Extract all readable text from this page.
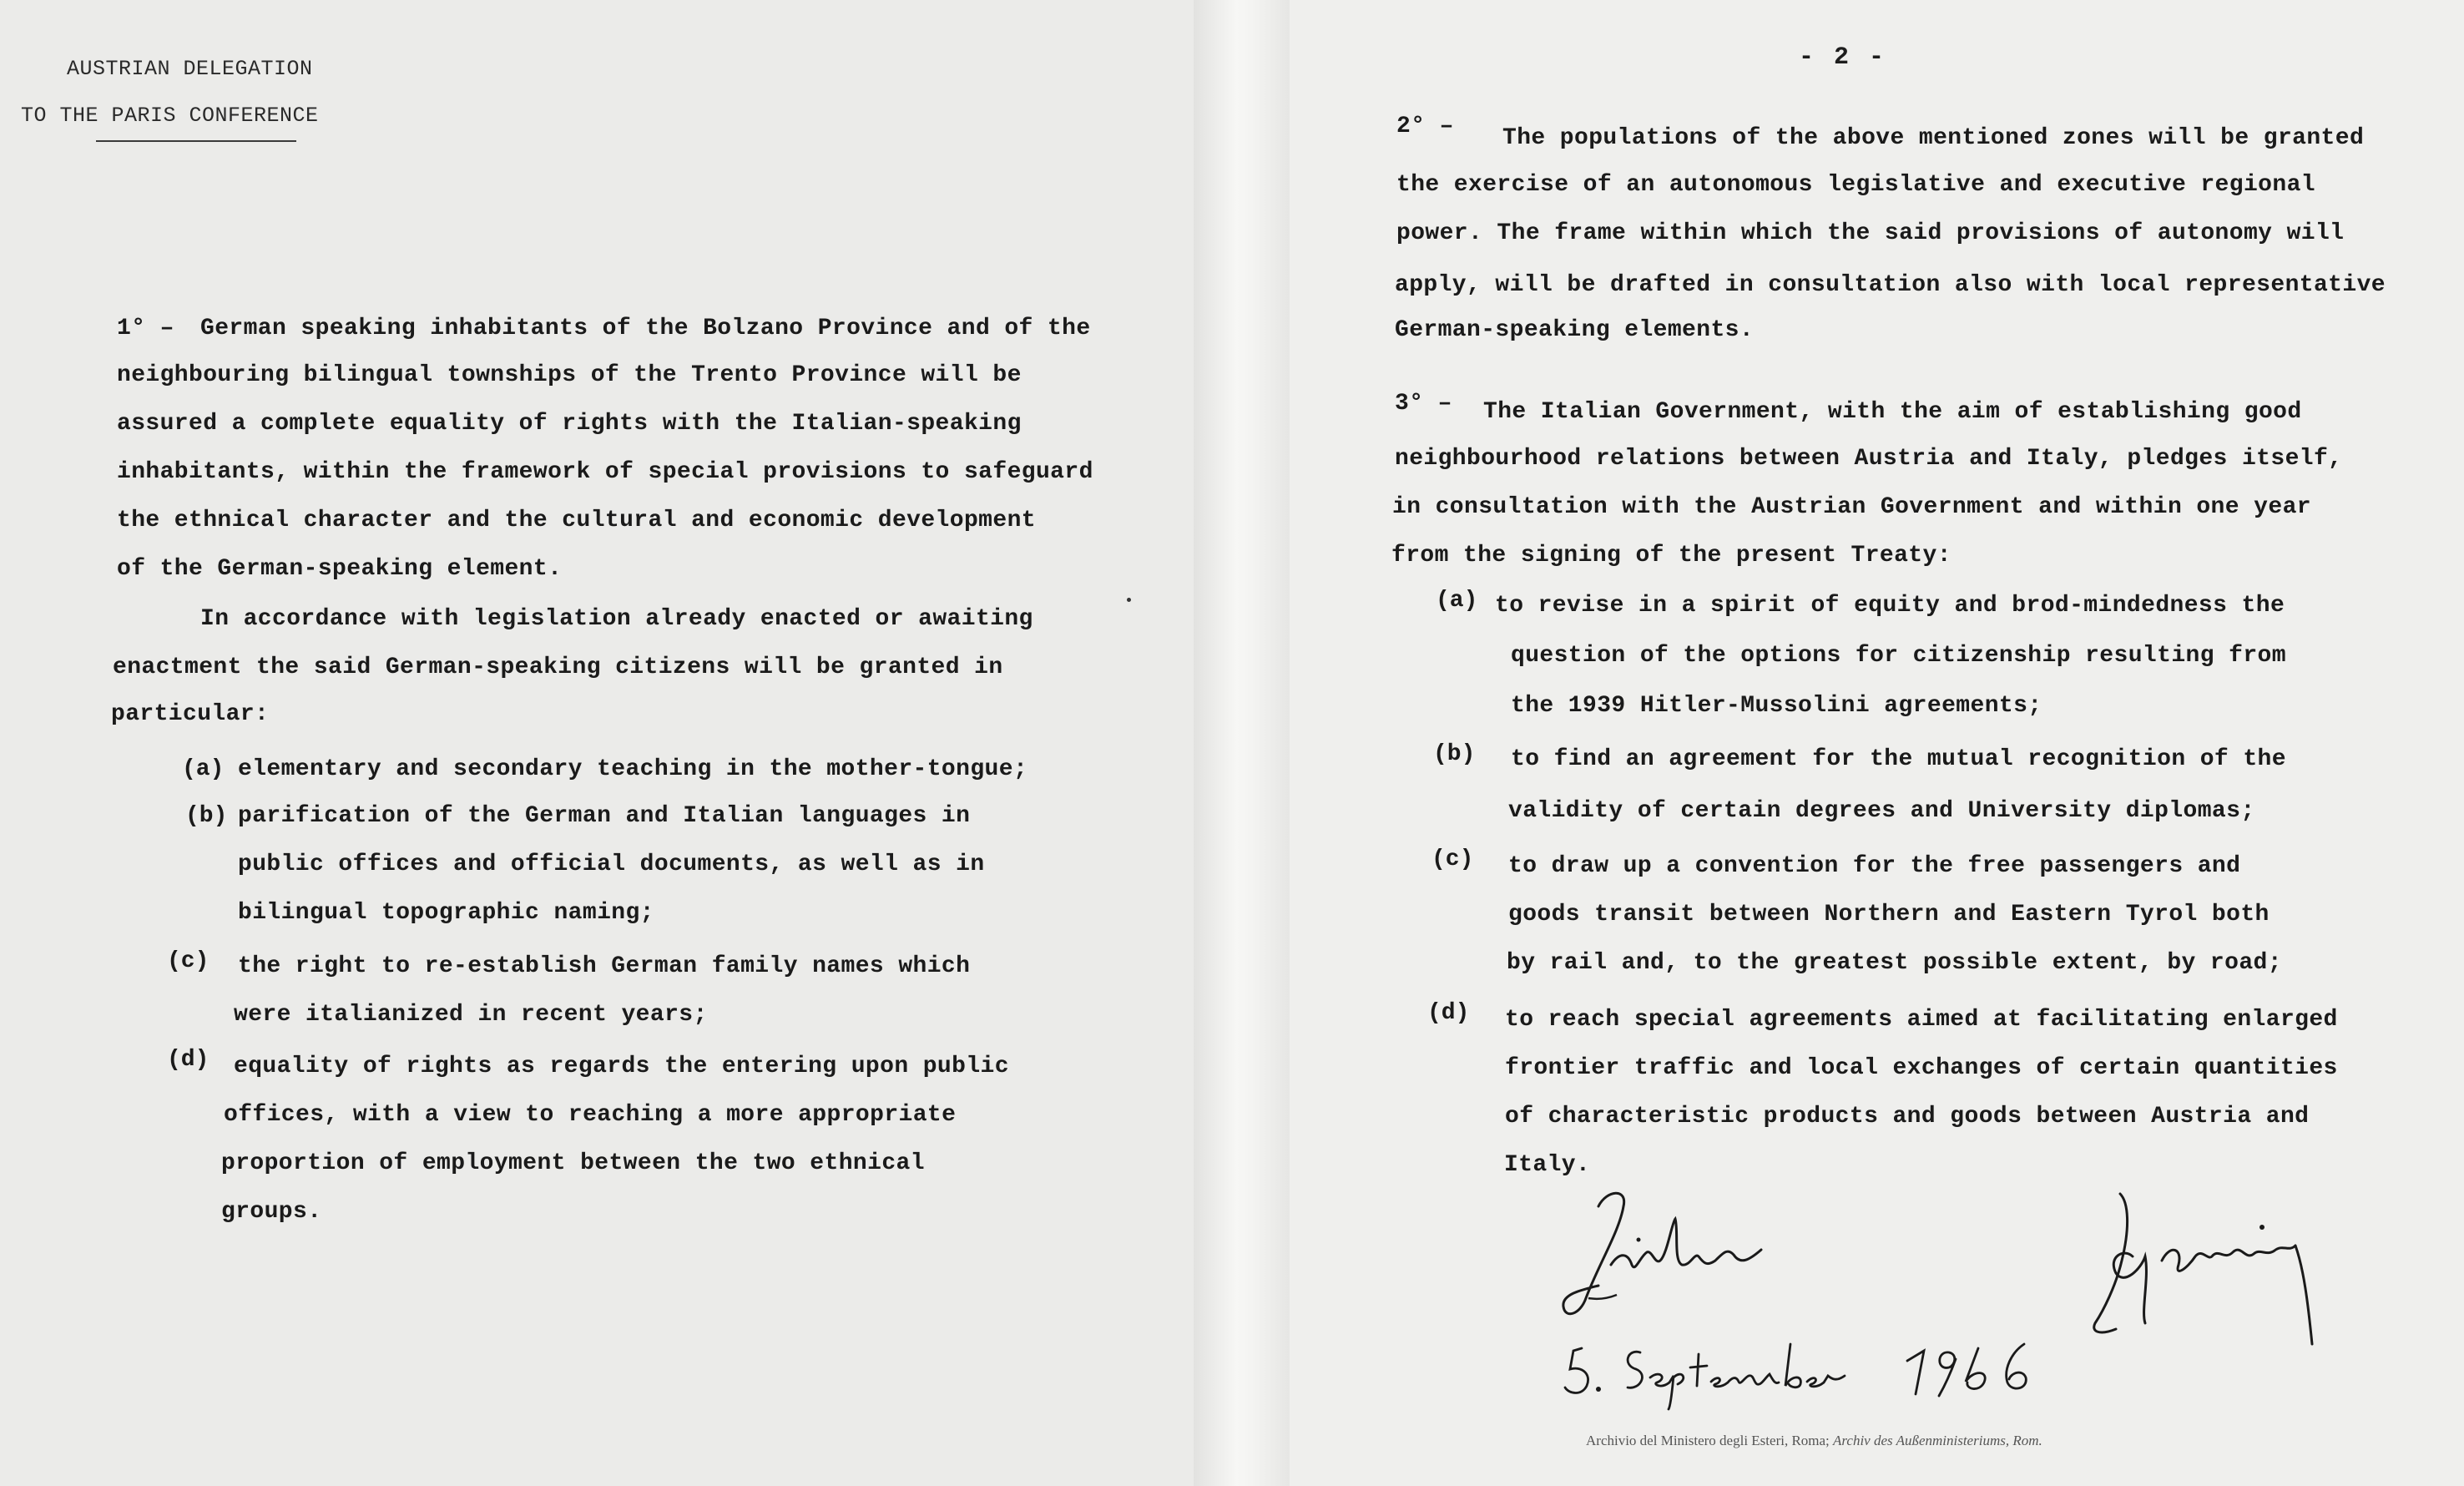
AUSTRIAN DELEGATION
TO THE PARIS CONFERENCE
1° – German speaking inhabitants of the Bolzano Province and of the
neighbouring bilingual townships of the Trento Province will be
assured a complete equality of rights with the Italian-speaking
inhabitants, within the framework of special provisions to safeguard
the ethnical character and the cultural and economic development
of the German-speaking element.
In accordance with legislation already enacted or awaiting
enactment the said German-speaking citizens will be granted in
particular:
(a) elementary and secondary teaching in the mother-tongue;
(b) parification of the German and Italian languages in
public offices and official documents, as well as in
bilingual topographic naming;
(c) the right to re-establish German family names which
were italianized in recent years;
(d) equality of rights as regards the entering upon public
offices, with a view to reaching a more appropriate
proportion of employment between the two ethnical
groups.
- 2 -
2° – The populations of the above mentioned zones will be granted
the exercise of an autonomous legislative and executive regional
power. The frame within which the said provisions of autonomy will
apply, will be drafted in consultation also with local representative
German-speaking elements.
3° – The Italian Government, with the aim of establishing good
neighbourhood relations between Austria and Italy, pledges itself,
in consultation with the Austrian Government and within one year
from the signing of the present Treaty:
(a) to revise in a spirit of equity and brod-mindedness the
question of the options for citizenship resulting from
the 1939 Hitler-Mussolini agreements;
(b) to find an agreement for the mutual recognition of the
validity of certain degrees and University diplomas;
(c) to draw up a convention for the free passengers and
goods transit between Northern and Eastern Tyrol both
by rail and, to the greatest possible extent, by road;
(d) to reach special agreements aimed at facilitating enlarged
frontier traffic and local exchanges of certain quantities
of characteristic products and goods between Austria and
Italy.
Archivio del Ministero degli Esteri, Roma; Archiv des Außenministeriums, Rom.
